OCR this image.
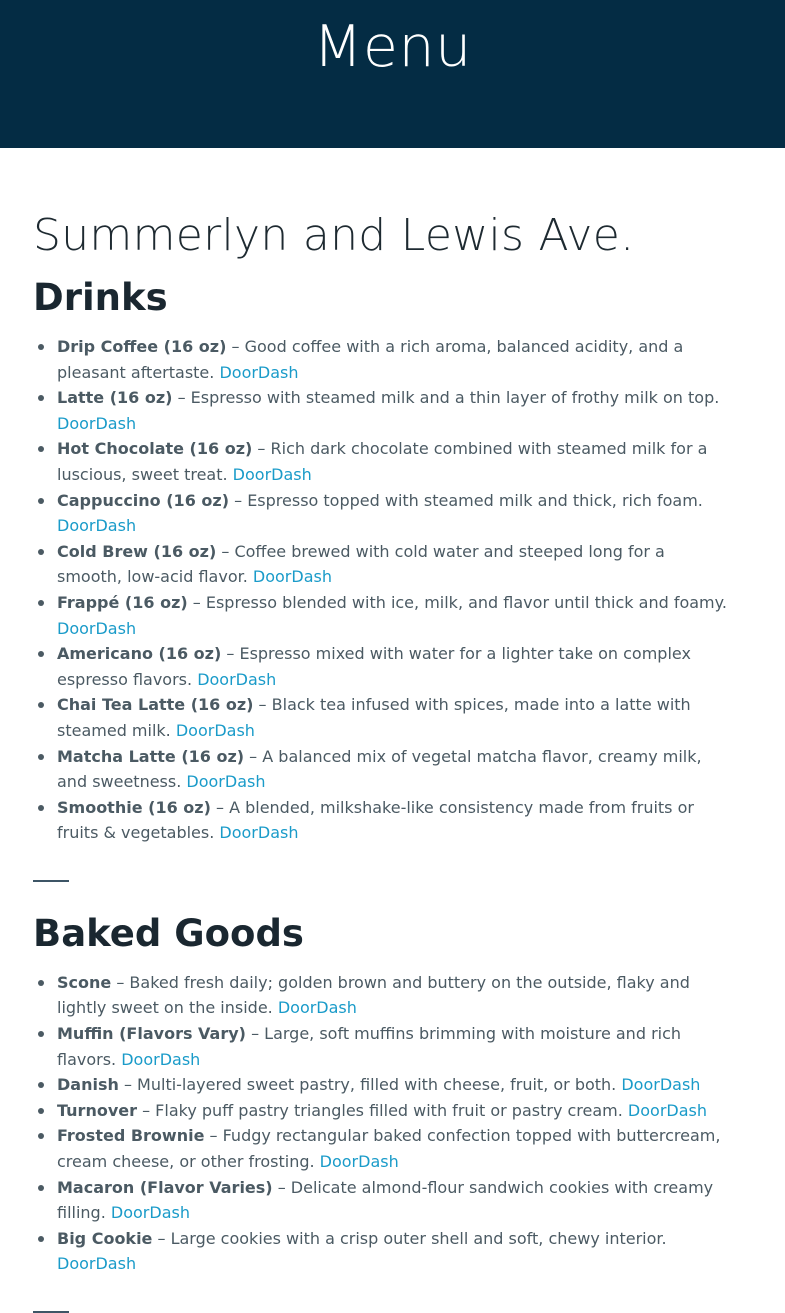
Menu
Summerlyn and Lewis Ave.
Drinks
Drip Coffee (16 oz) – Good coffee with a rich aroma, balanced acidity, and a pleasant aftertaste. DoorDash
Latte (16 oz) – Espresso with steamed milk and a thin layer of frothy milk on top. DoorDash
Hot Chocolate (16 oz) – Rich dark chocolate combined with steamed milk for a luscious, sweet treat. DoorDash
Cappuccino (16 oz) – Espresso topped with steamed milk and thick, rich foam. DoorDash
Cold Brew (16 oz) – Coffee brewed with cold water and steeped long for a smooth, low-acid flavor. DoorDash
Frappé (16 oz) – Espresso blended with ice, milk, and flavor until thick and foamy. DoorDash
Americano (16 oz) – Espresso mixed with water for a lighter take on complex espresso flavors. DoorDash
Chai Tea Latte (16 oz) – Black tea infused with spices, made into a latte with steamed milk. DoorDash
Matcha Latte (16 oz) – A balanced mix of vegetal matcha flavor, creamy milk, and sweetness. DoorDash
Smoothie (16 oz) – A blended, milkshake-like consistency made from fruits or fruits & vegetables. DoorDash
Baked Goods
Scone – Baked fresh daily; golden brown and buttery on the outside, flaky and lightly sweet on the inside. DoorDash
Muffin (Flavors Vary) – Large, soft muffins brimming with moisture and rich flavors. DoorDash
Danish – Multi-layered sweet pastry, filled with cheese, fruit, or both. DoorDash
Turnover – Flaky puff pastry triangles filled with fruit or pastry cream. DoorDash
Frosted Brownie – Fudgy rectangular baked confection topped with buttercream, cream cheese, or other frosting. DoorDash
Macaron (Flavor Varies) – Delicate almond-flour sandwich cookies with creamy filling. DoorDash
Big Cookie – Large cookies with a crisp outer shell and soft, chewy interior. DoorDash
